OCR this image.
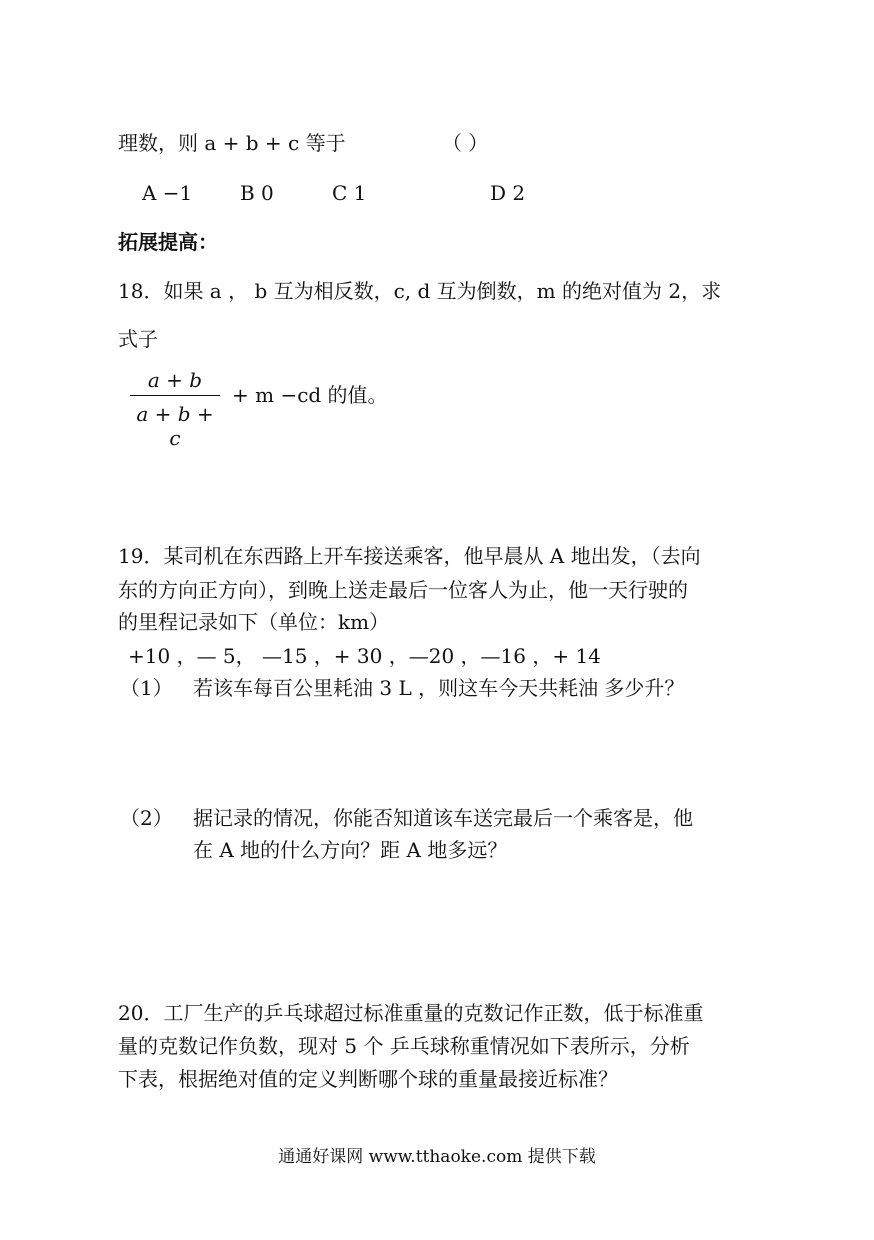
理数，则 a + b + c 等于	（ ）
A −1 B 0	C 1	D 2
拓展提高：
18．如果 a ， b 互为相反数，c, d 互为倒数，m 的绝对值为 2，求
式子
a + b
a + b + c
+ m −cd 的值。
19．某司机在东西路上开车接送乘客，他早晨从 A 地出发，（去向
东的方向正方向），到晚上送走最后一位客人为止，他一天行驶的
的里程记录如下（单位：km）
+10 ，— 5， —15 ，+ 30 ，—20 ，—16 ，+ 14
（1） 若该车每百公里耗油 3 L ，则这车今天共耗油 多少升？
（2） 据记录的情况，你能否知道该车送完最后一个乘客是，他
在 A 地的什么方向？距 A 地多远？
20．工厂生产的乒乓球超过标准重量的克数记作正数，低于标准重
量的克数记作负数，现对 5 个 乒乓球称重情况如下表所示，分析
下表，根据绝对值的定义判断哪个球的重量最接近标准？
通通好课网 www.tthaoke.com 提供下载
